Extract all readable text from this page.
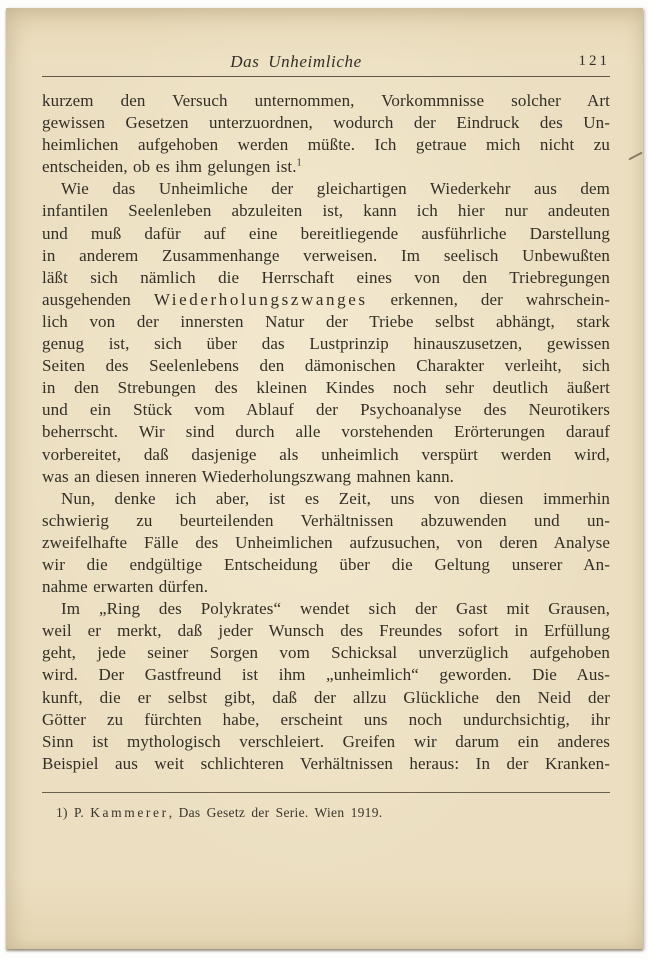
Das Unheimliche	121
kurzem den Versuch unternommen, Vorkommnisse solcher Art
gewissen Gesetzen unterzuordnen, wodurch der Eindruck des Un-
heimlichen aufgehoben werden müßte. Ich getraue mich nicht zu
entscheiden, ob es ihm gelungen ist.$^1$
Wie das Unheimliche der gleichartigen Wiederkehr aus dem
infantilen Seelenleben abzuleiten ist, kann ich hier nur andeuten
und muß dafür auf eine bereitliegende ausführliche Darstellung
in anderem Zusammenhange verweisen. Im seelisch Unbewußten
läßt sich nämlich die Herrschaft eines von den Triebregungen
ausgehenden Wiederholungszwanges erkennen, der wahrschein-
lich von der innersten Natur der Triebe selbst abhängt, stark
genug ist, sich über das Lustprinzip hinauszusetzen, gewissen
Seiten des Seelenlebens den dämonischen Charakter verleiht, sich
in den Strebungen des kleinen Kindes noch sehr deutlich äußert
und ein Stück vom Ablauf der Psychoanalyse des Neurotikers
beherrscht. Wir sind durch alle vorstehenden Erörterungen darauf
vorbereitet, daß dasjenige als unheimlich verspürt werden wird,
was an diesen inneren Wiederholungszwang mahnen kann.
Nun, denke ich aber, ist es Zeit, uns von diesen immerhin
schwierig zu beurteilenden Verhältnissen abzuwenden und un-
zweifelhafte Fälle des Unheimlichen aufzusuchen, von deren Analyse
wir die endgültige Entscheidung über die Geltung unserer An-
nahme erwarten dürfen.
Im „Ring des Polykrates“ wendet sich der Gast mit Grausen,
weil er merkt, daß jeder Wunsch des Freundes sofort in Erfüllung
geht, jede seiner Sorgen vom Schicksal unverzüglich aufgehoben
wird. Der Gastfreund ist ihm „unheimlich“ geworden. Die Aus-
kunft, die er selbst gibt, daß der allzu Glückliche den Neid der
Götter zu fürchten habe, erscheint uns noch undurchsichtig, ihr
Sinn ist mythologisch verschleiert. Greifen wir darum ein anderes
Beispiel aus weit schlichteren Verhältnissen heraus: In der Kranken-
1) P. Kammerer, Das Gesetz der Serie. Wien 1919.
